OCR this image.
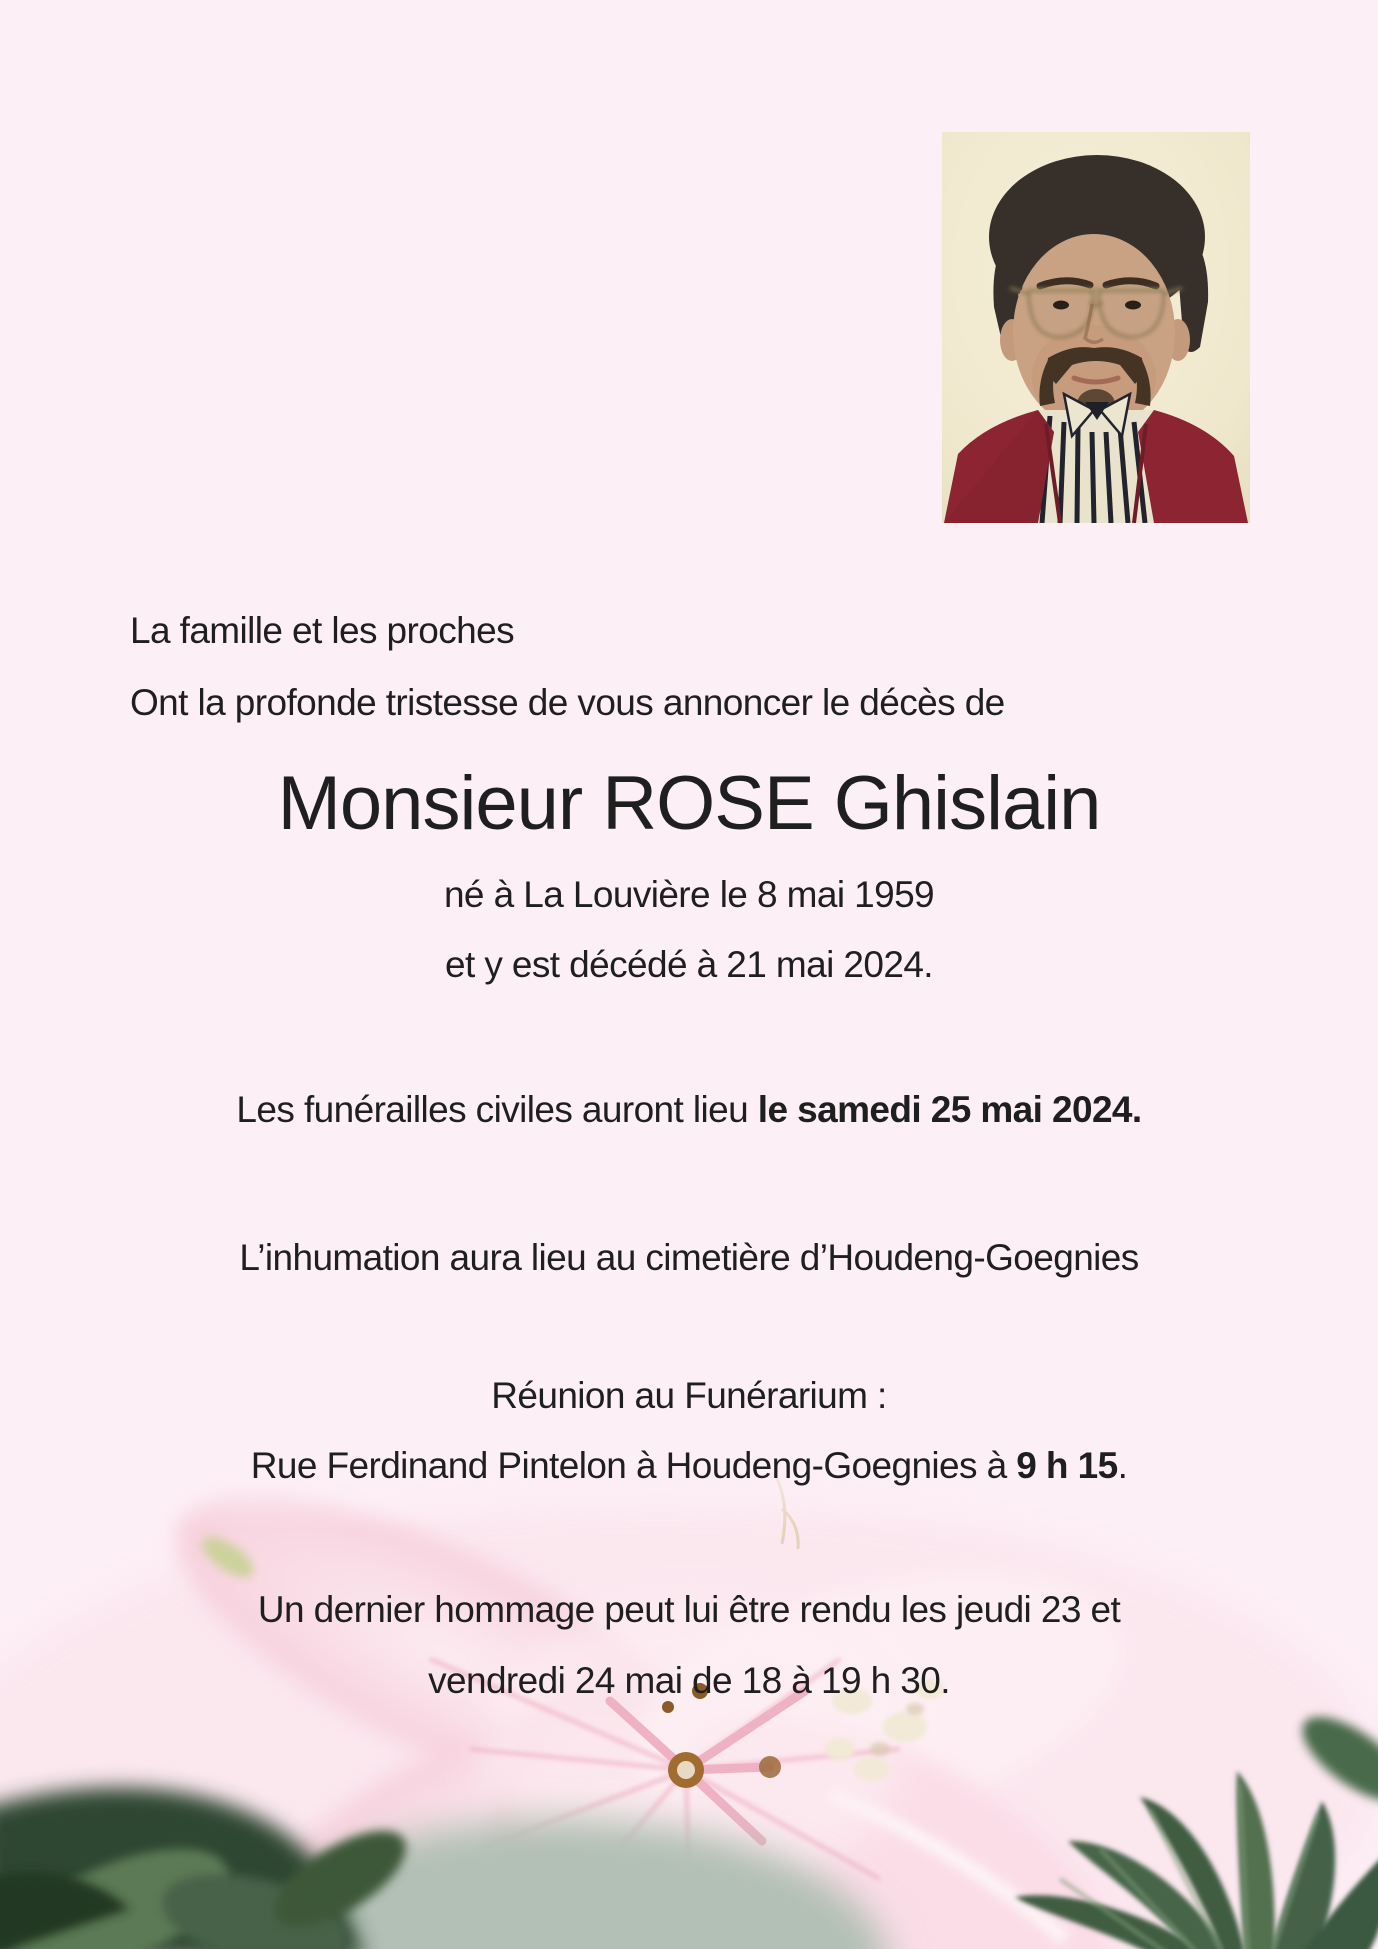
La famille et les proches

Ont la profonde tristesse de vous annoncer le décès de

Monsieur ROSE Ghislain

né à La Louvière le 8 mai 1959

et y est décédé à 21 mai 2024.

Les funérailles civiles auront lieu le samedi 25 mai 2024.

L’inhumation aura lieu au cimetière d’Houdeng-Goegnies

Réunion au Funérarium :

Rue Ferdinand Pintelon à Houdeng-Goegnies à 9 h 15.

Un dernier hommage peut lui être rendu les jeudi 23 et

vendredi 24 mai de 18 à 19 h 30.
